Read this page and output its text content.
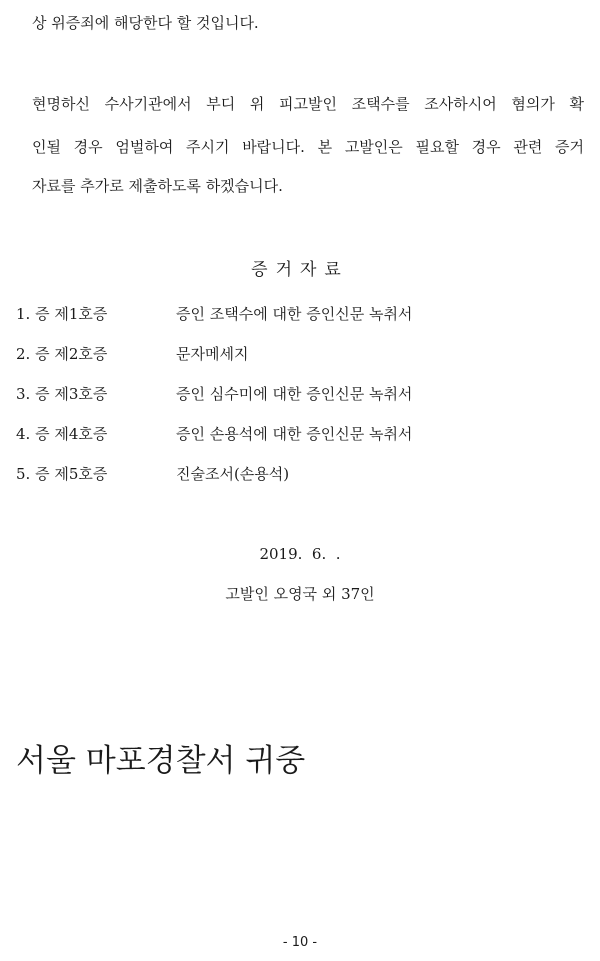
상 위증죄에 해당한다 할 것입니다.
현명하신 수사기관에서 부디 위 피고발인 조택수를 조사하시어 혐의가 확
인될 경우 엄벌하여 주시기 바랍니다. 본 고발인은 필요할 경우 관련 증거
자료를 추가로 제출하도록 하겠습니다.
증거자료
1. 증 제1호증	증인 조택수에 대한 증인신문 녹취서
2. 증 제2호증	문자메세지
3. 증 제3호증	증인 심수미에 대한 증인신문 녹취서
4. 증 제4호증	증인 손용석에 대한 증인신문 녹취서
5. 증 제5호증	진술조서(손용석)
2019.  6.  .
고발인 오영국 외 37인
서울 마포경찰서 귀중
- 10 -
